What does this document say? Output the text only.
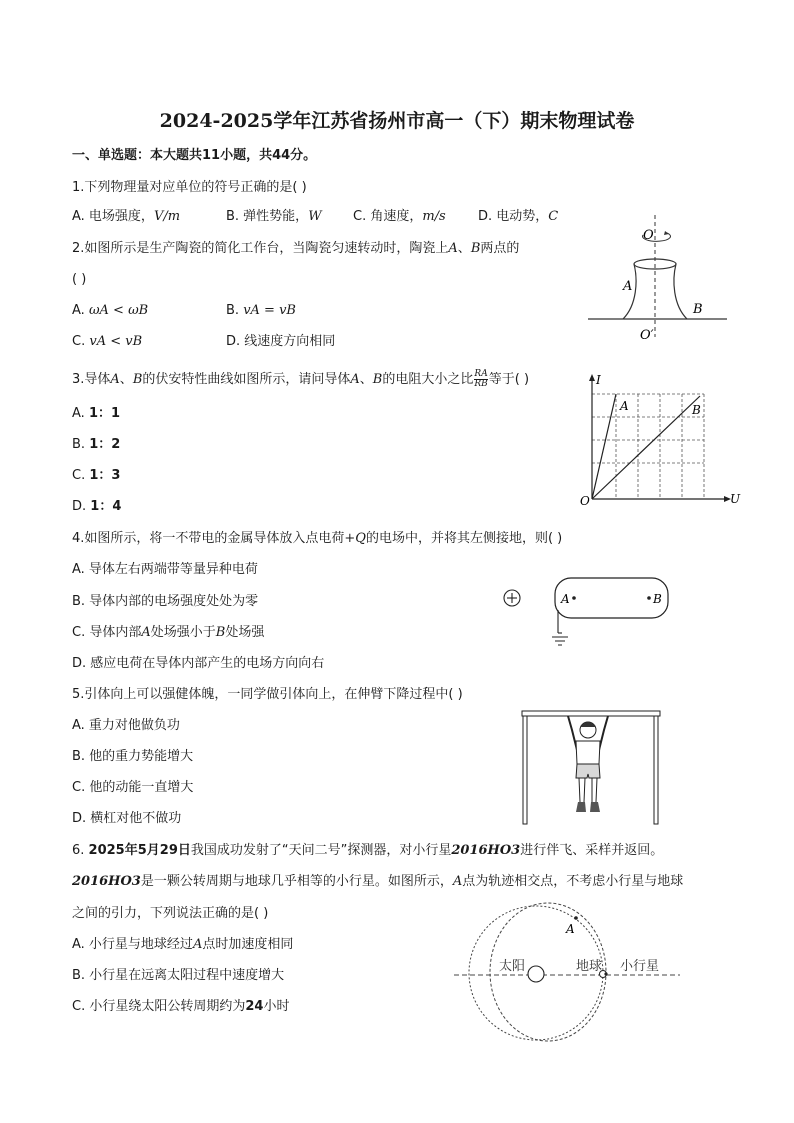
2024-2025学年江苏省扬州市高一（下）期末物理试卷
一、单选题：本大题共11小题，共44分。
1.下列物理量对应单位的符号正确的是( )
A. 电场强度，V/m	B. 弹性势能，W C. 角速度，m/s D. 电动势，C
2.如图所示是生产陶瓷的简化工作台，当陶瓷匀速转动时，陶瓷上A、B两点的
( )
A. ωA < ωB	B. vA = vB
C. vA < vB	D. 线速度方向相同
O
O′
A
B
3.导体A、B的伏安特性曲线如图所示，请问导体A、B的电阻大小之比 $\frac{RA}{RB}$ 等于( )
A. 1：1
B. 1：2
C. 1：3
D. 1：4
I
U
O
A	B
4.如图所示，将一不带电的金属导体放入点电荷+Q的电场中，并将其左侧接地，则( )
A. 导体左右两端带等量异种电荷
B. 导体内部的电场强度处处为零
C. 导体内部A处场强小于B处场强
D. 感应电荷在导体内部产生的电场方向向右
A	B
5.引体向上可以强健体魄，一同学做引体向上，在伸臂下降过程中( )
A. 重力对他做负功
B. 他的重力势能增大
C. 他的动能一直增大
D. 横杠对他不做功
6. 2025年5月29日我国成功发射了“天问二号”探测器，对小行星2016HO3进行伴飞、采样并返回。
2016HO3是一颗公转周期与地球几乎相等的小行星。如图所示，A点为轨迹相交点，不考虑小行星与地球
之间的引力，下列说法正确的是( )
A. 小行星与地球经过A点时加速度相同
B. 小行星在远离太阳过程中速度增大
C. 小行星绕太阳公转周期约为24小时
太阳	地球 小行星
A
